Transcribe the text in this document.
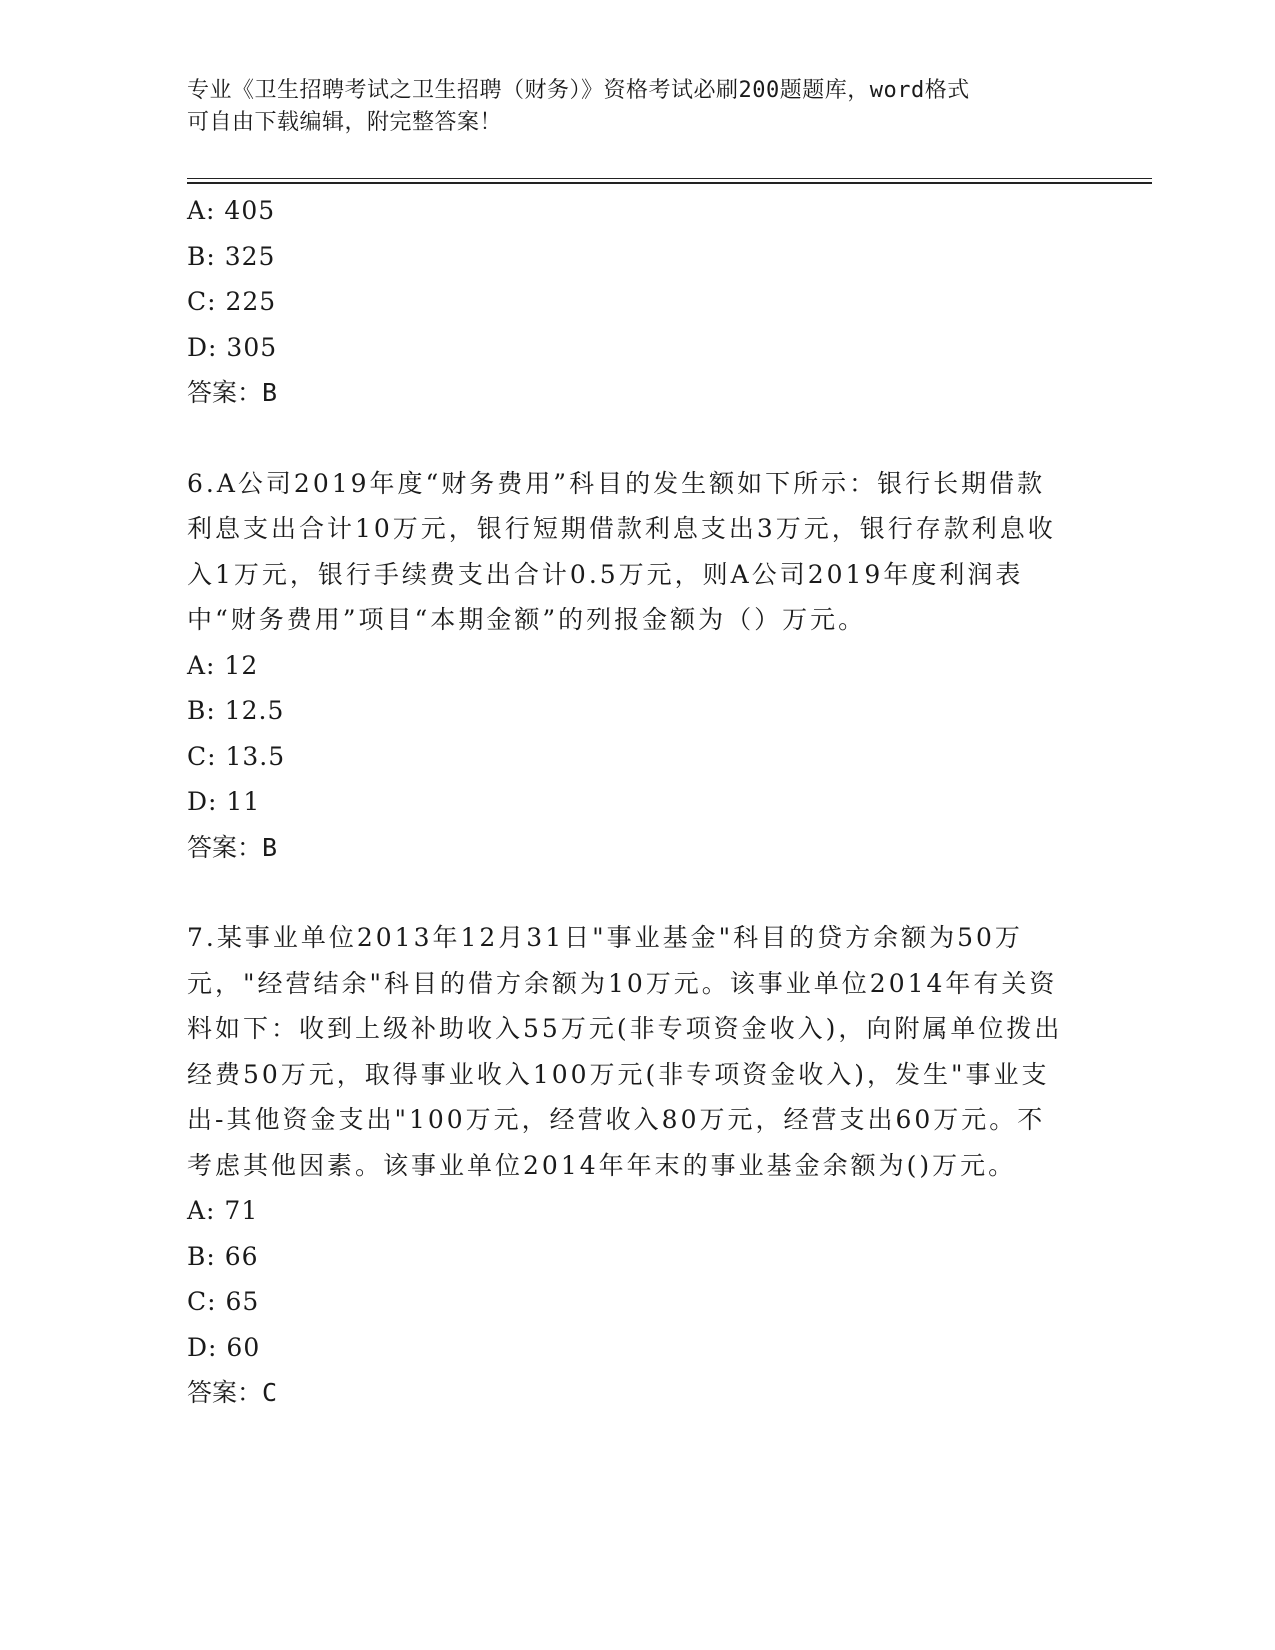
专业《卫生招聘考试之卫生招聘（财务）》资格考试必刷200题题库，word格式
可自由下载编辑，附完整答案！
A: 405
B: 325
C: 225
D: 305
答案：B
6.A公司2019年度“财务费用”科目的发生额如下所示：银行长期借款利息支出合计10万元，银行短期借款利息支出3万元，银行存款利息收入1万元，银行手续费支出合计0.5万元，则A公司2019年度利润表中“财务费用”项目“本期金额”的列报金额为（）万元。
A: 12
B: 12.5
C: 13.5
D: 11
答案：B
7.某事业单位2013年12月31日"事业基金"科目的贷方余额为50万元，"经营结余"科目的借方余额为10万元。该事业单位2014年有关资料如下：收到上级补助收入55万元(非专项资金收入)，向附属单位拨出经费50万元，取得事业收入100万元(非专项资金收入)，发生"事业支出-其他资金支出"100万元，经营收入80万元，经营支出60万元。不考虑其他因素。该事业单位2014年年末的事业基金余额为()万元。
A: 71
B: 66
C: 65
D: 60
答案：C
